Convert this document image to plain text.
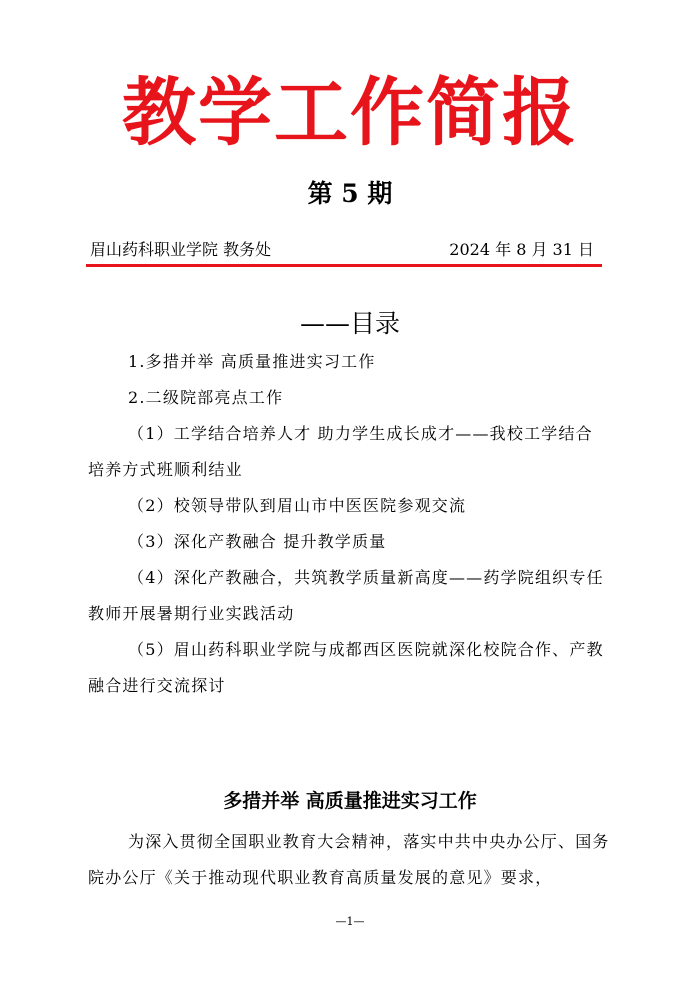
教学工作简报
第 5 期
眉山药科职业学院 教务处	2024 年 8 月 31 日
——目录
1.多措并举 高质量推进实习工作
2.二级院部亮点工作
（1）工学结合培养人才 助力学生成长成才——我校工学结合培养方式班顺利结业
（2）校领导带队到眉山市中医医院参观交流
（3）深化产教融合 提升教学质量
（4）深化产教融合，共筑教学质量新高度——药学院组织专任教师开展暑期行业实践活动
（5）眉山药科职业学院与成都西区医院就深化校院合作、产教融合进行交流探讨
多措并举 高质量推进实习工作

为深入贯彻全国职业教育大会精神，落实中共中央办公厅、国务院办公厅《关于推动现代职业教育高质量发展的意见》要求，

—1—
